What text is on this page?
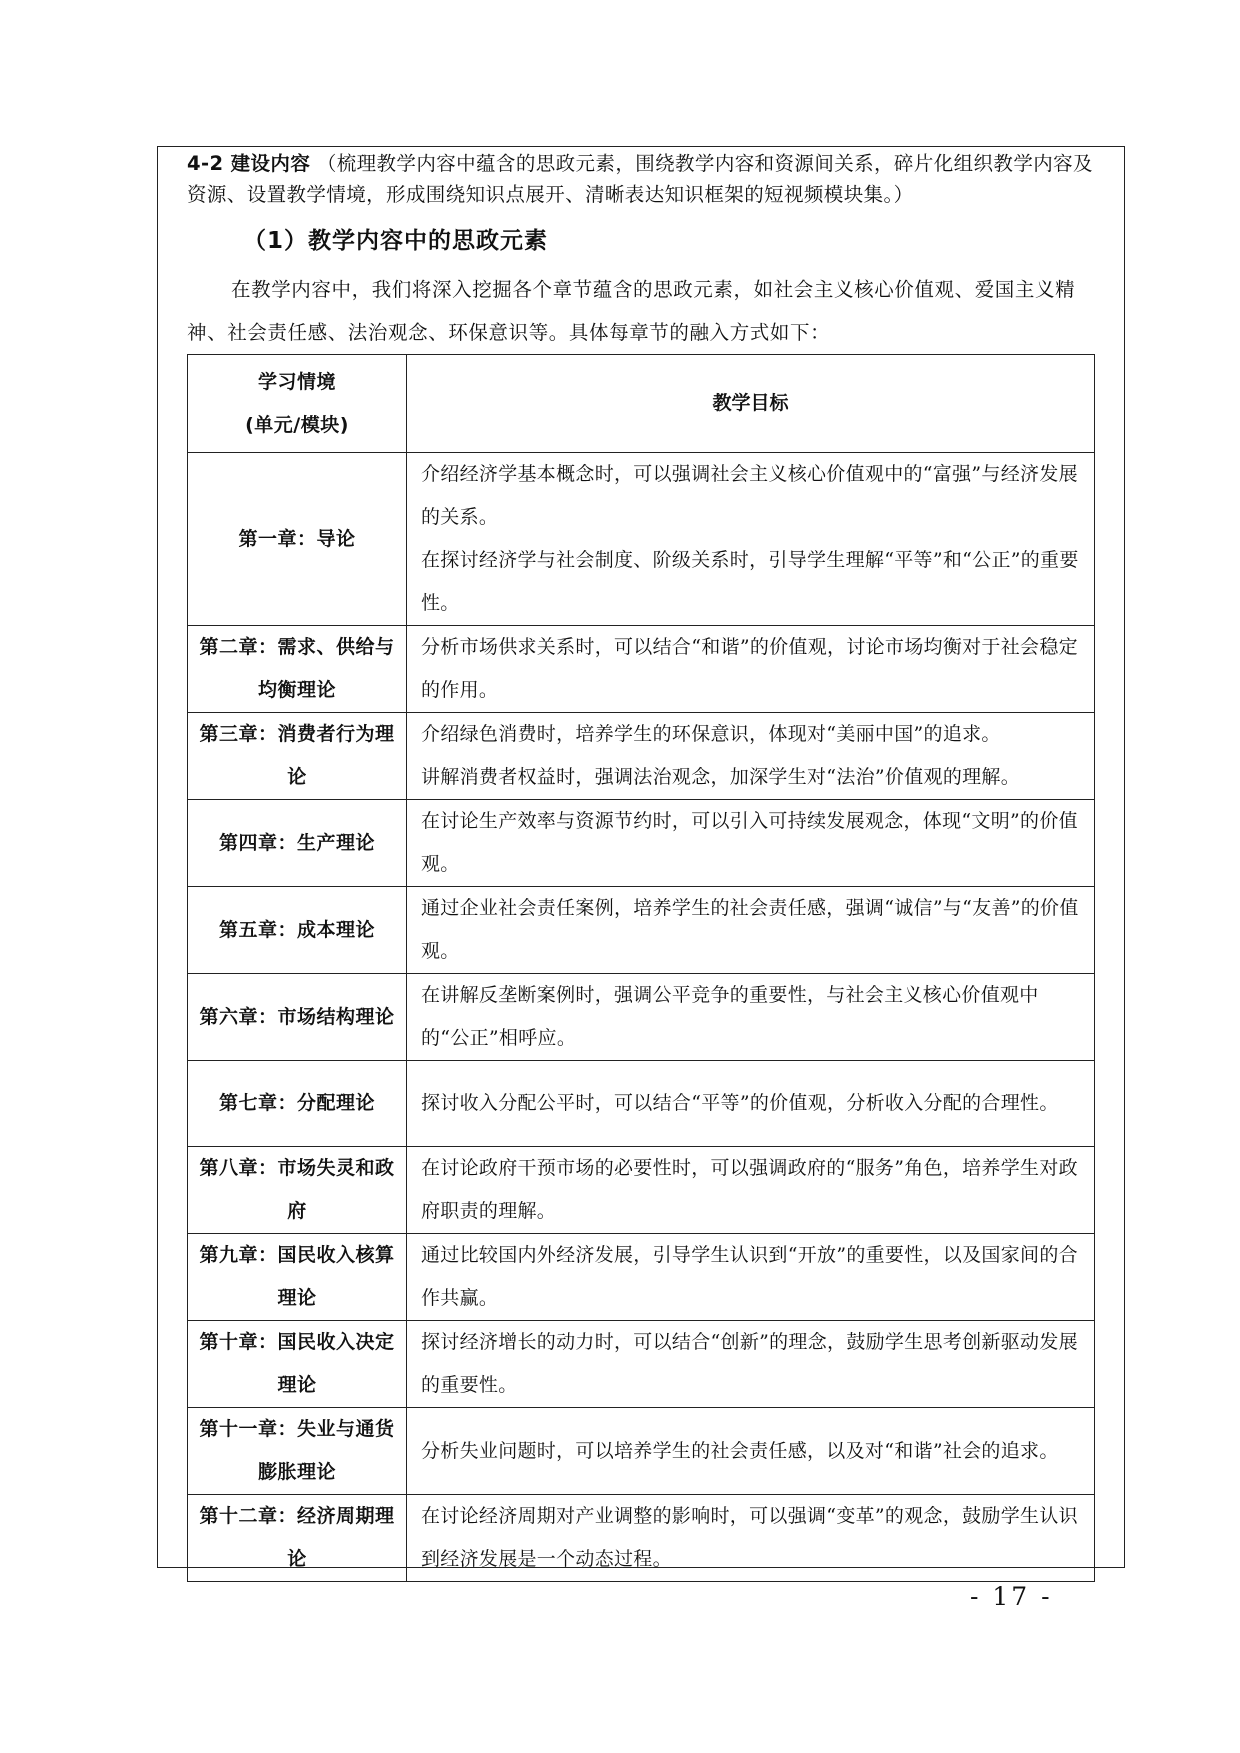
4-2 建设内容 （梳理教学内容中蕴含的思政元素，围绕教学内容和资源间关系，碎片化组织教学内容及资源、设置教学情境，形成围绕知识点展开、清晰表达知识框架的短视频模块集。）
（1）教学内容中的思政元素
在教学内容中，我们将深入挖掘各个章节蕴含的思政元素，如社会主义核心价值观、爱国主义精神、社会责任感、法治观念、环保意识等。具体每章节的融入方式如下：
学习情境
(单元/模块)	教学目标
第一章：导论	介绍经济学基本概念时，可以强调社会主义核心价值观中的“富强”与经济发展的关系。

在探讨经济学与社会制度、阶级关系时，引导学生理解“平等”和“公正”的重要性。

第二章：需求、供给与均衡理论	分析市场供求关系时，可以结合“和谐”的价值观，讨论市场均衡对于社会稳定的作用。

第三章：消费者行为理论	介绍绿色消费时，培养学生的环保意识，体现对“美丽中国”的追求。

讲解消费者权益时，强调法治观念，加深学生对“法治”价值观的理解。

第四章：生产理论	在讨论生产效率与资源节约时，可以引入可持续发展观念，体现“文明”的价值观。

第五章：成本理论	通过企业社会责任案例，培养学生的社会责任感，强调“诚信”与“友善”的价值观。

第六章：市场结构理论	在讲解反垄断案例时，强调公平竞争的重要性，与社会主义核心价值观中的“公正”相呼应。

第七章：分配理论	探讨收入分配公平时，可以结合“平等”的价值观，分析收入分配的合理性。

第八章：市场失灵和政府	在讨论政府干预市场的必要性时，可以强调政府的“服务”角色，培养学生对政府职责的理解。

第九章：国民收入核算理论	通过比较国内外经济发展，引导学生认识到“开放”的重要性，以及国家间的合作共赢。

第十章：国民收入决定理论	探讨经济增长的动力时，可以结合“创新”的理念，鼓励学生思考创新驱动发展的重要性。

第十一章：失业与通货膨胀理论	分析失业问题时，可以培养学生的社会责任感，以及对“和谐”社会的追求。

第十二章：经济周期理论	在讨论经济周期对产业调整的影响时，可以强调“变革”的观念，鼓励学生认识到经济发展是一个动态过程。

- 17 -
